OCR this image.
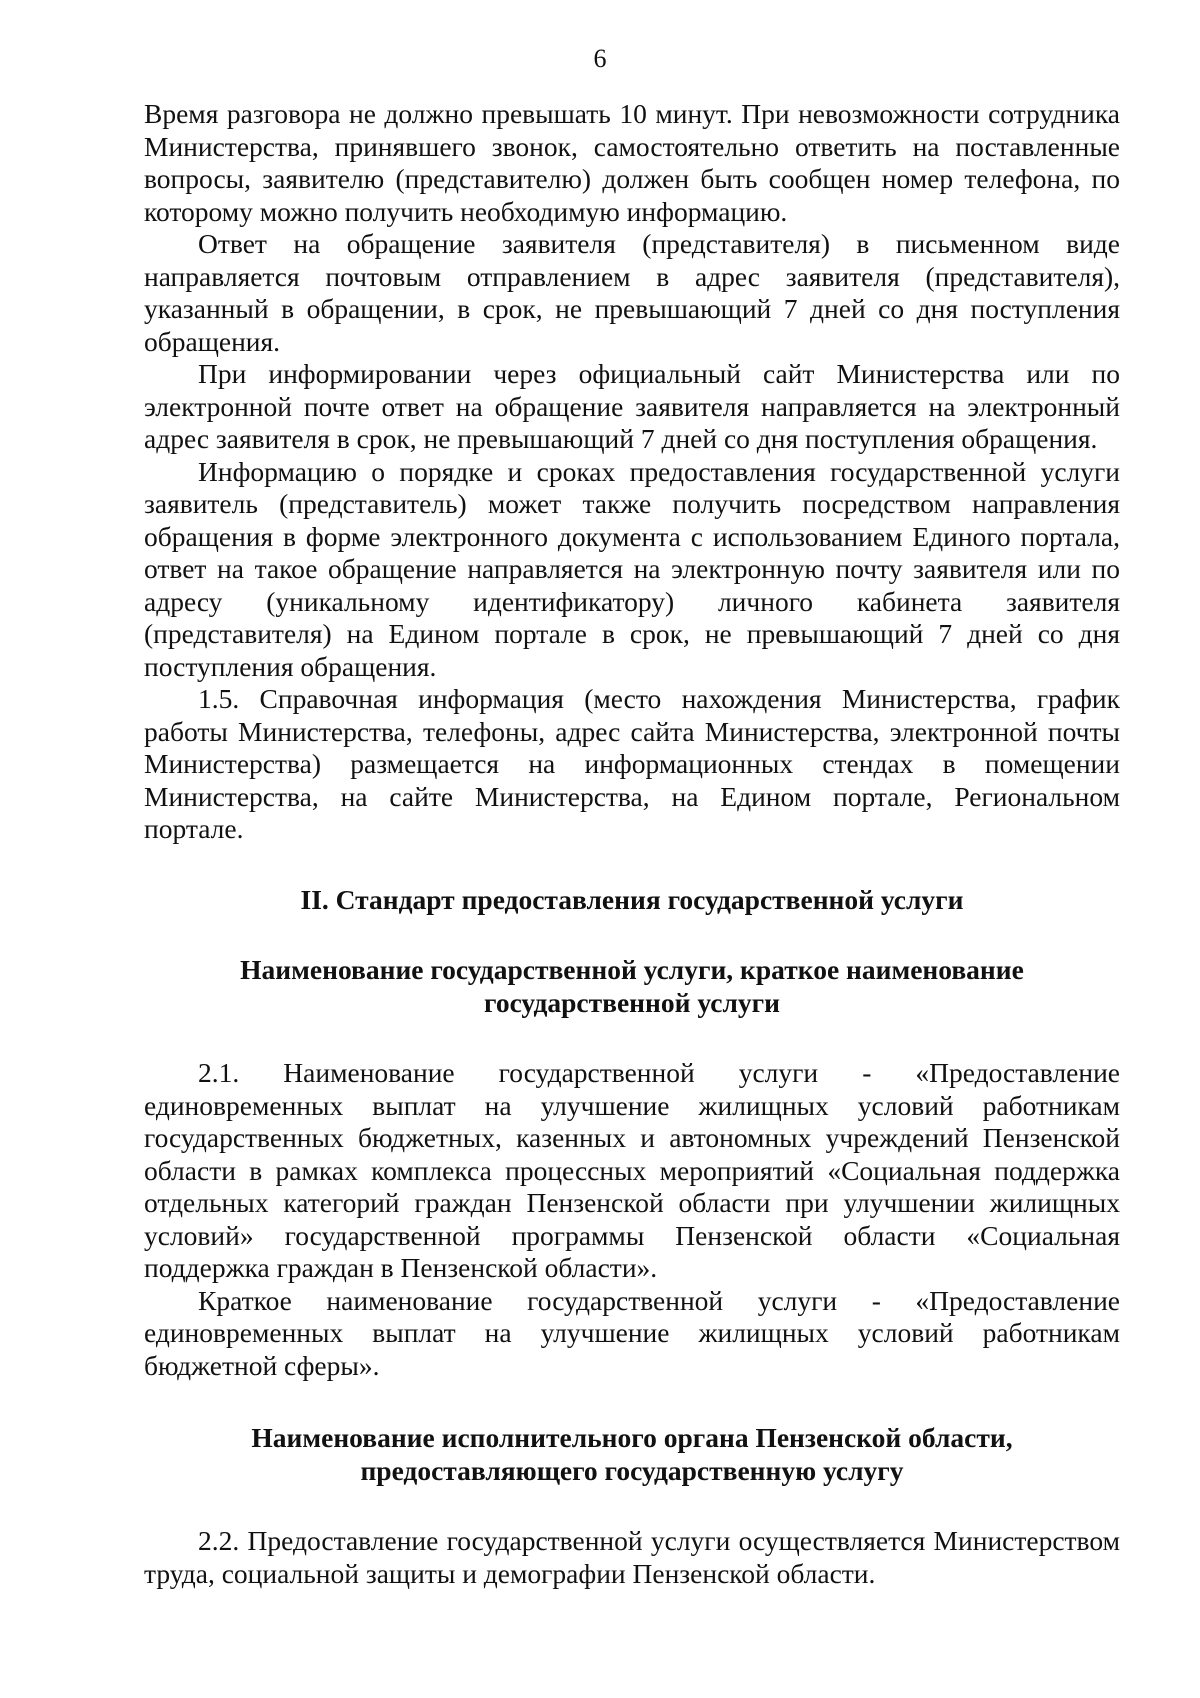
6

Время разговора не должно превышать 10 минут. При невозможности сотрудника Министерства, принявшего звонок, самостоятельно ответить на поставленные вопросы, заявителю (представителю) должен быть сообщен номер телефона, по которому можно получить необходимую информацию.

Ответ на обращение заявителя (представителя) в письменном виде направляется почтовым отправлением в адрес заявителя (представителя), указанный в обращении, в срок, не превышающий 7 дней со дня поступления обращения.

При информировании через официальный сайт Министерства или по электронной почте ответ на обращение заявителя направляется на электронный адрес заявителя в срок, не превышающий 7 дней со дня поступления обращения.

Информацию о порядке и сроках предоставления государственной услуги заявитель (представитель) может также получить посредством направления обращения в форме электронного документа с использованием Единого портала, ответ на такое обращение направляется на электронную почту заявителя или по адресу (уникальному идентификатору) личного кабинета заявителя (представителя) на Едином портале в срок, не превышающий 7 дней со дня поступления обращения.

1.5. Справочная информация (место нахождения Министерства, график работы Министерства, телефоны, адрес сайта Министерства, электронной почты Министерства) размещается на информационных стендах в помещении Министерства, на сайте Министерства, на Едином портале, Региональном портале.

II. Стандарт предоставления государственной услуги
Наименование государственной услуги, краткое наименование государственной услуги

2.1. Наименование государственной услуги - «Предоставление единовременных выплат на улучшение жилищных условий работникам государственных бюджетных, казенных и автономных учреждений Пензенской области в рамках комплекса процессных мероприятий «Социальная поддержка отдельных категорий граждан Пензенской области при улучшении жилищных условий» государственной программы Пензенской области «Социальная поддержка граждан в Пензенской области».

Краткое наименование государственной услуги - «Предоставление единовременных выплат на улучшение жилищных условий работникам бюджетной сферы».

Наименование исполнительного органа Пензенской области, предоставляющего государственную услугу

2.2. Предоставление государственной услуги осуществляется Министерством труда, социальной защиты и демографии Пензенской области.
